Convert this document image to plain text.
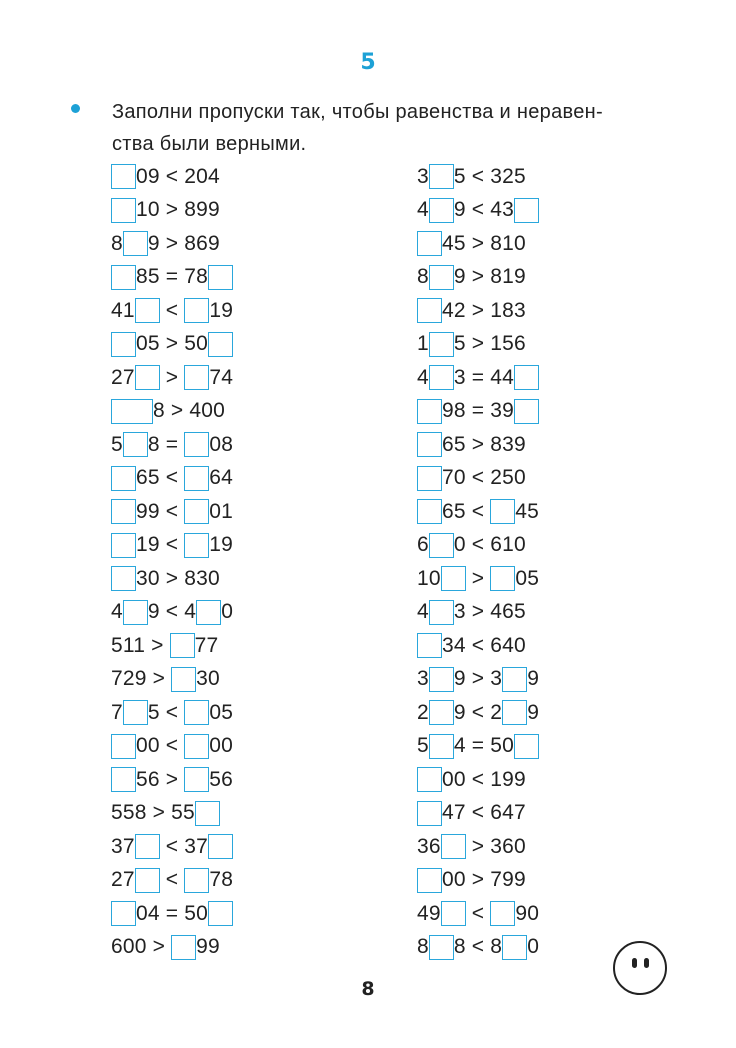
5
Заполни пропуски так, чтобы равенства и неравен-
ства были верными.
09 < 204
10 > 899
8 9 > 869
85 = 78
41 < 19
05 > 50
27 > 74
8 > 400
5 8 = 08
65 < 64
99 < 01
19 < 19
30 > 830
4 9 < 4 0
511 > 77
729 > 30
7 5 < 05
00 < 00
56 > 56
558 > 55
37 < 37
27 < 78
04 = 50
600 > 99
3 5 < 325
4 9 < 43
45 > 810
8 9 > 819
42 > 183
1 5 > 156
4 3 = 44
98 = 39
65 > 839
70 < 250
65 < 45
6 0 < 610
10 > 05
4 3 > 465
34 < 640
3 9 > 3 9
2 9 < 2 9
5 4 = 50
00 < 199
47 < 647
36 > 360
00 > 799
49 < 90
8 8 < 8 0
8
